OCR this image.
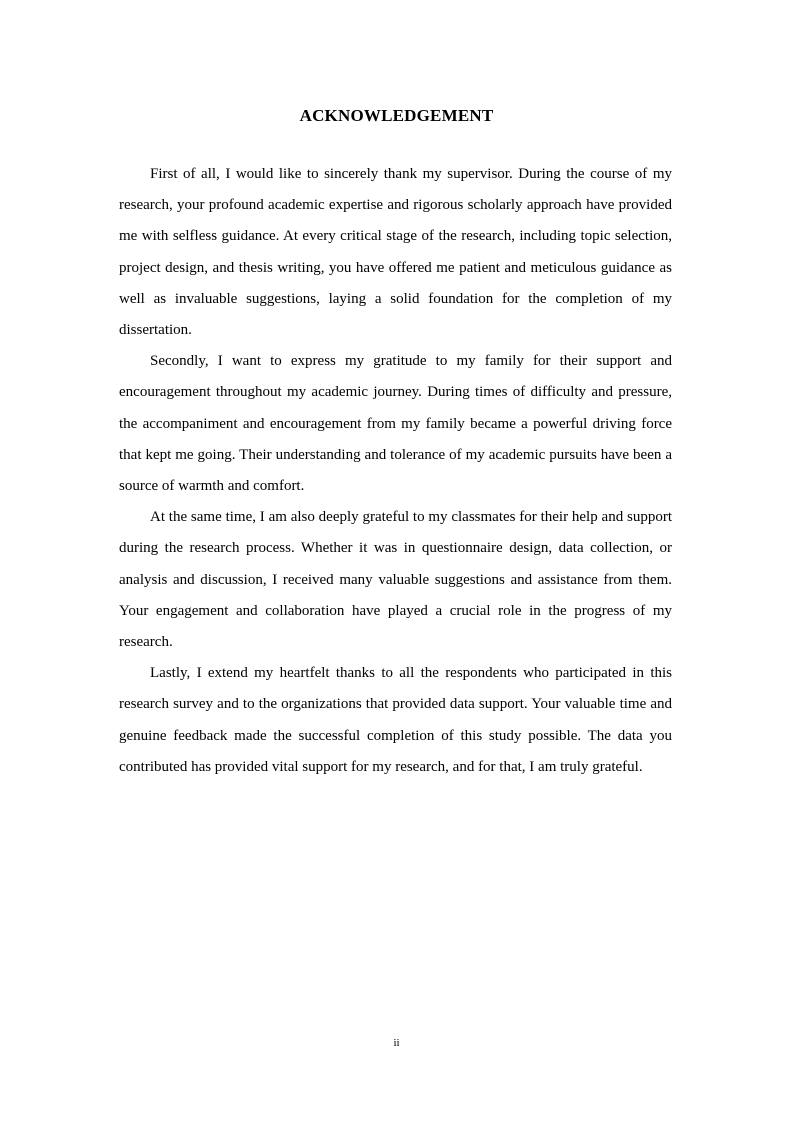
ACKNOWLEDGEMENT

First of all, I would like to sincerely thank my supervisor. During the course of my research, your profound academic expertise and rigorous scholarly approach have provided me with selfless guidance. At every critical stage of the research, including topic selection, project design, and thesis writing, you have offered me patient and meticulous guidance as well as invaluable suggestions, laying a solid foundation for the completion of my dissertation.

Secondly, I want to express my gratitude to my family for their support and encouragement throughout my academic journey. During times of difficulty and pressure, the accompaniment and encouragement from my family became a powerful driving force that kept me going. Their understanding and tolerance of my academic pursuits have been a source of warmth and comfort.

At the same time, I am also deeply grateful to my classmates for their help and support during the research process. Whether it was in questionnaire design, data collection, or analysis and discussion, I received many valuable suggestions and assistance from them. Your engagement and collaboration have played a crucial role in the progress of my research.

Lastly, I extend my heartfelt thanks to all the respondents who participated in this research survey and to the organizations that provided data support. Your valuable time and genuine feedback made the successful completion of this study possible. The data you contributed has provided vital support for my research, and for that, I am truly grateful.

ii
